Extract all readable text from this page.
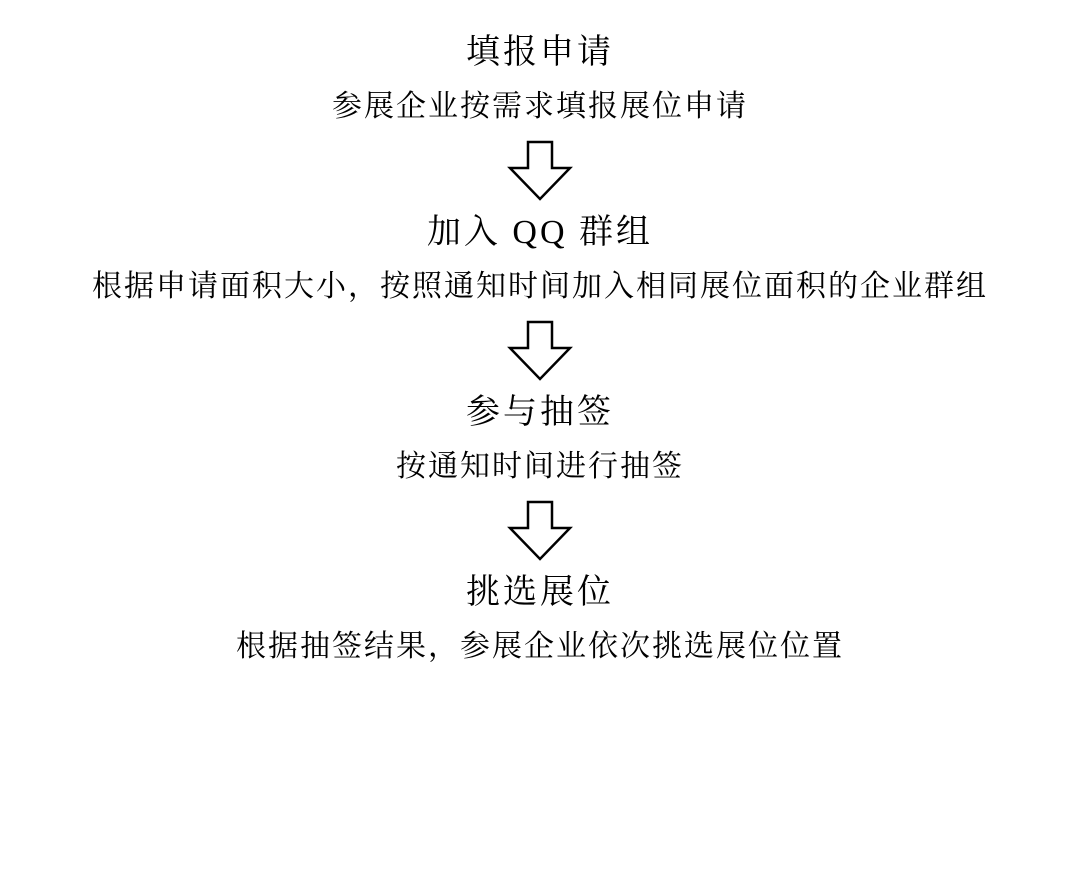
填报申请
参展企业按需求填报展位申请
加入 QQ 群组
根据申请面积大小，按照通知时间加入相同展位面积的企业群组
参与抽签
按通知时间进行抽签
挑选展位
根据抽签结果，参展企业依次挑选展位位置
